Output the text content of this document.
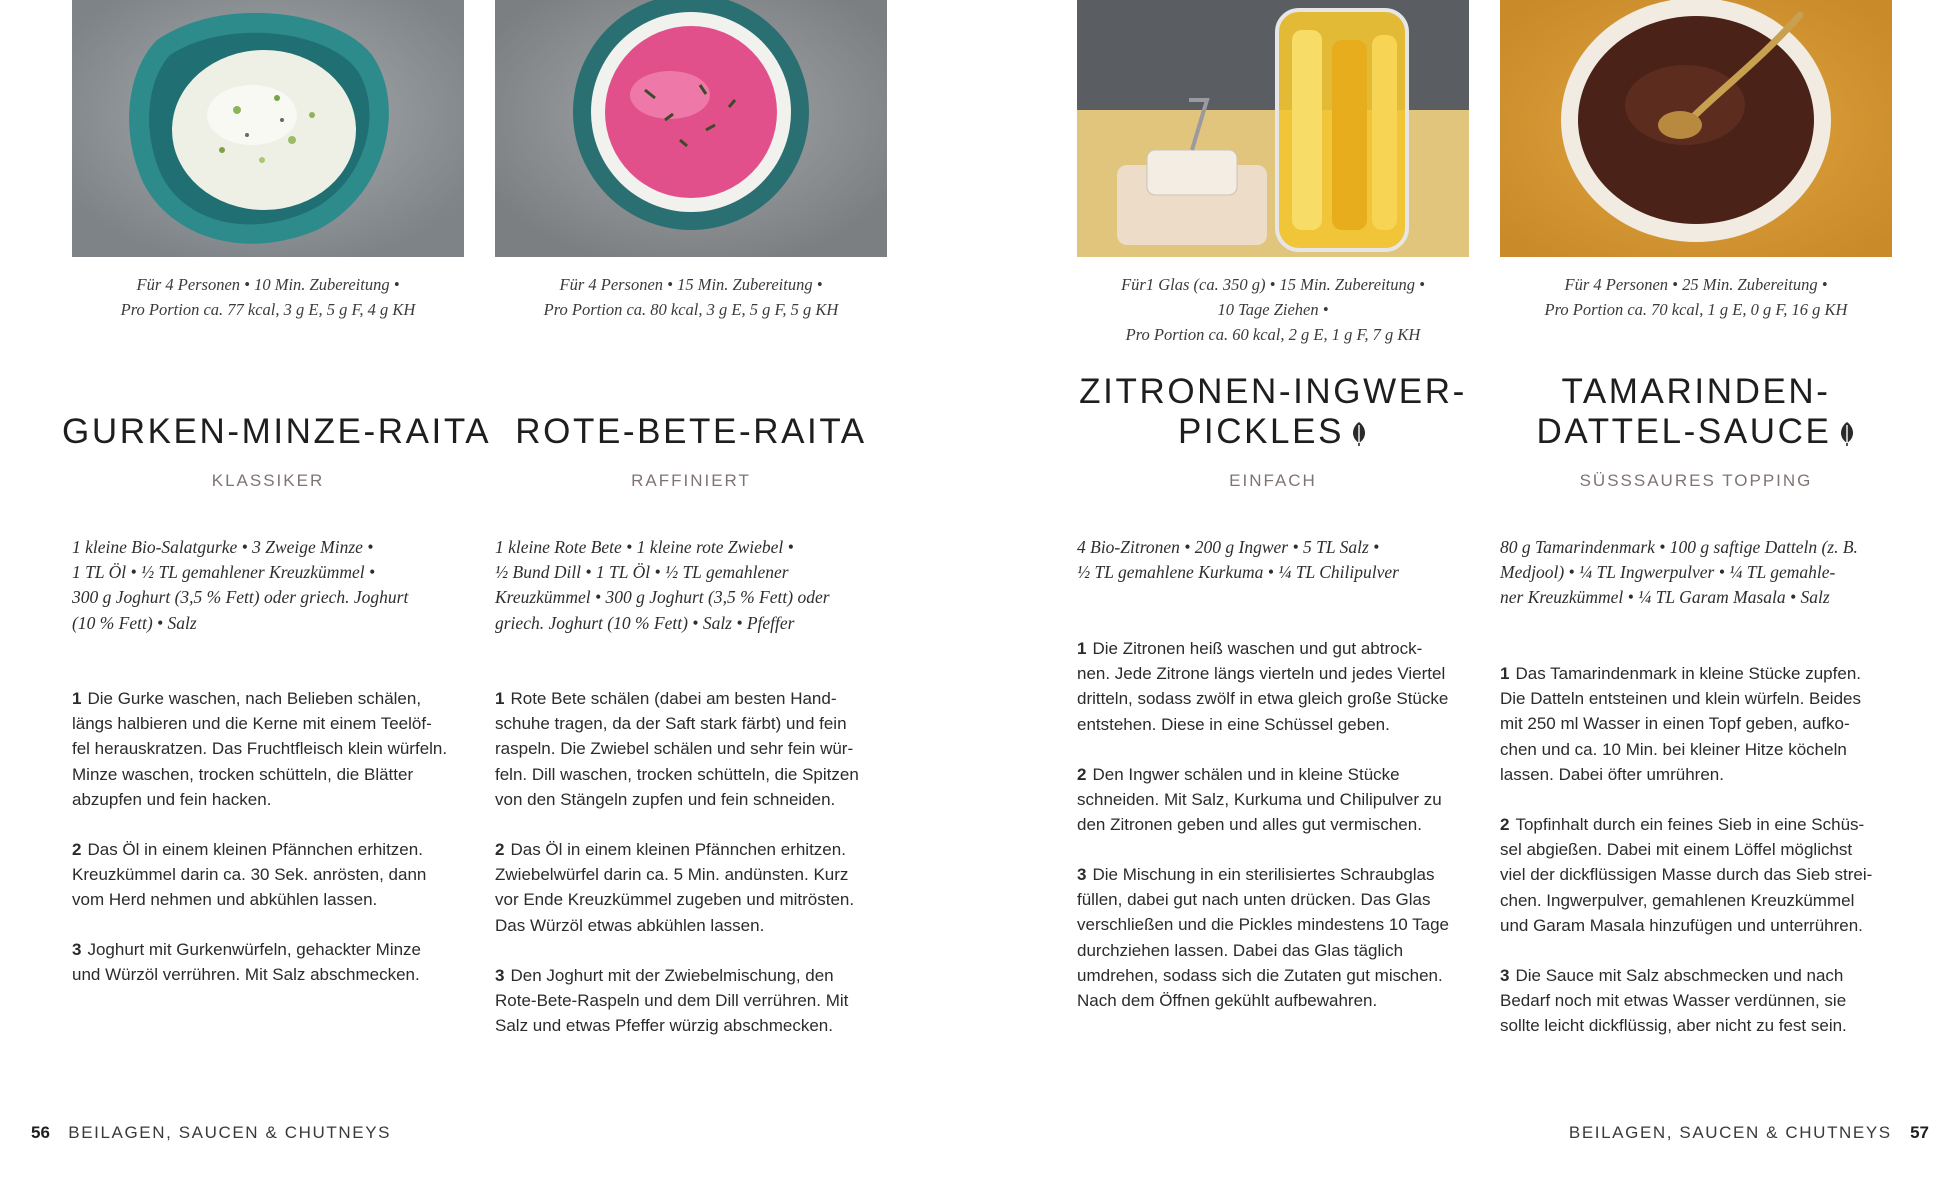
Für 4 Personen • 10 Min. Zubereitung •
Pro Portion ca. 77 kcal, 3 g E, 5 g F, 4 g KH
GURKEN-MINZE-RAITA
KLASSIKER
1 kleine Bio-Salatgurke • 3 Zweige Minze •
1 TL Öl • ½ TL gemahlener Kreuzkümmel •
300 g Joghurt (3,5 % Fett) oder griech. Joghurt
(10 % Fett) • Salz
1 Die Gurke waschen, nach Belieben schälen,
längs halbieren und die Kerne mit einem Teelöf-
fel herauskratzen. Das Fruchtfleisch klein würfeln.
Minze waschen, trocken schütteln, die Blätter
abzupfen und fein hacken.
2 Das Öl in einem kleinen Pfännchen erhitzen.
Kreuzkümmel darin ca. 30 Sek. anrösten, dann
vom Herd nehmen und abkühlen lassen.
3 Joghurt mit Gurkenwürfeln, gehackter Minze
und Würzöl verrühren. Mit Salz abschmecken.
Für 4 Personen • 15 Min. Zubereitung •
Pro Portion ca. 80 kcal, 3 g E, 5 g F, 5 g KH
ROTE-BETE-RAITA
RAFFINIERT
1 kleine Rote Bete • 1 kleine rote Zwiebel •
½ Bund Dill • 1 TL Öl • ½ TL gemahlener
Kreuzkümmel • 300 g Joghurt (3,5 % Fett) oder
griech. Joghurt (10 % Fett) • Salz • Pfeffer
1 Rote Bete schälen (dabei am besten Hand-
schuhe tragen, da der Saft stark färbt) und fein
raspeln. Die Zwiebel schälen und sehr fein wür-
feln. Dill waschen, trocken schütteln, die Spitzen
von den Stängeln zupfen und fein schneiden.
2 Das Öl in einem kleinen Pfännchen erhitzen.
Zwiebelwürfel darin ca. 5 Min. andünsten. Kurz
vor Ende Kreuzkümmel zugeben und mitrösten.
Das Würzöl etwas abkühlen lassen.
3 Den Joghurt mit der Zwiebelmischung, den
Rote-Bete-Raspeln und dem Dill verrühren. Mit
Salz und etwas Pfeffer würzig abschmecken.
Für1 Glas (ca. 350 g) • 15 Min. Zubereitung •
10 Tage Ziehen •
Pro Portion ca. 60 kcal, 2 g E, 1 g F, 7 g KH
ZITRONEN-INGWER-
PICKLES
EINFACH
4 Bio-Zitronen • 200 g Ingwer • 5 TL Salz •
½ TL gemahlene Kurkuma • ¼ TL Chilipulver
1 Die Zitronen heiß waschen und gut abtrock-
nen. Jede Zitrone längs vierteln und jedes Viertel
dritteln, sodass zwölf in etwa gleich große Stücke
entstehen. Diese in eine Schüssel geben.
2 Den Ingwer schälen und in kleine Stücke
schneiden. Mit Salz, Kurkuma und Chilipulver zu
den Zitronen geben und alles gut vermischen.
3 Die Mischung in ein sterilisiertes Schraubglas
füllen, dabei gut nach unten drücken. Das Glas
verschließen und die Pickles mindestens 10 Tage
durchziehen lassen. Dabei das Glas täglich
umdrehen, sodass sich die Zutaten gut mischen.
Nach dem Öffnen gekühlt aufbewahren.
Für 4 Personen • 25 Min. Zubereitung •
Pro Portion ca. 70 kcal, 1 g E, 0 g F, 16 g KH
TAMARINDEN-
DATTEL-SAUCE
SÜSSSAURES TOPPING
80 g Tamarindenmark • 100 g saftige Datteln (z. B.
Medjool) • ¼ TL Ingwerpulver • ¼ TL gemahle-
ner Kreuzkümmel • ¼ TL Garam Masala • Salz
1 Das Tamarindenmark in kleine Stücke zupfen.
Die Datteln entsteinen und klein würfeln. Beides
mit 250 ml Wasser in einen Topf geben, aufko-
chen und ca. 10 Min. bei kleiner Hitze köcheln
lassen. Dabei öfter umrühren.
2 Topfinhalt durch ein feines Sieb in eine Schüs-
sel abgießen. Dabei mit einem Löffel möglichst
viel der dickflüssigen Masse durch das Sieb strei-
chen. Ingwerpulver, gemahlenen Kreuzkümmel
und Garam Masala hinzufügen und unterrühren.
3 Die Sauce mit Salz abschmecken und nach
Bedarf noch mit etwas Wasser verdünnen, sie
sollte leicht dickflüssig, aber nicht zu fest sein.
56 BEILAGEN, SAUCEN & CHUTNEYS	BEILAGEN, SAUCEN & CHUTNEYS 57
